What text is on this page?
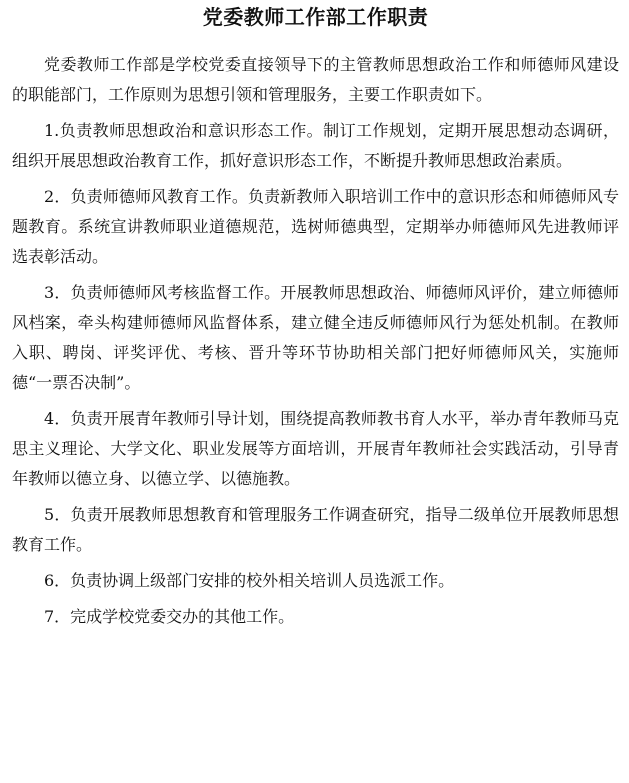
党委教师工作部工作职责

党委教师工作部是学校党委直接领导下的主管教师思想政治工作和师德师风建设的职能部门，工作原则为思想引领和管理服务，主要工作职责如下。

1.负责教师思想政治和意识形态工作。制订工作规划，定期开展思想动态调研，组织开展思想政治教育工作，抓好意识形态工作，不断提升教师思想政治素质。

2．负责师德师风教育工作。负责新教师入职培训工作中的意识形态和师德师风专题教育。系统宣讲教师职业道德规范，选树师德典型，定期举办师德师风先进教师评选表彰活动。

3．负责师德师风考核监督工作。开展教师思想政治、师德师风评价，建立师德师风档案，牵头构建师德师风监督体系，建立健全违反师德师风行为惩处机制。在教师入职、聘岗、评奖评优、考核、晋升等环节协助相关部门把好师德师风关，实施师德“一票否决制”。

4．负责开展青年教师引导计划，围绕提高教师教书育人水平，举办青年教师马克思主义理论、大学文化、职业发展等方面培训，开展青年教师社会实践活动，引导青年教师以德立身、以德立学、以德施教。

5．负责开展教师思想教育和管理服务工作调查研究，指导二级单位开展教师思想教育工作。

6．负责协调上级部门安排的校外相关培训人员选派工作。

7．完成学校党委交办的其他工作。
